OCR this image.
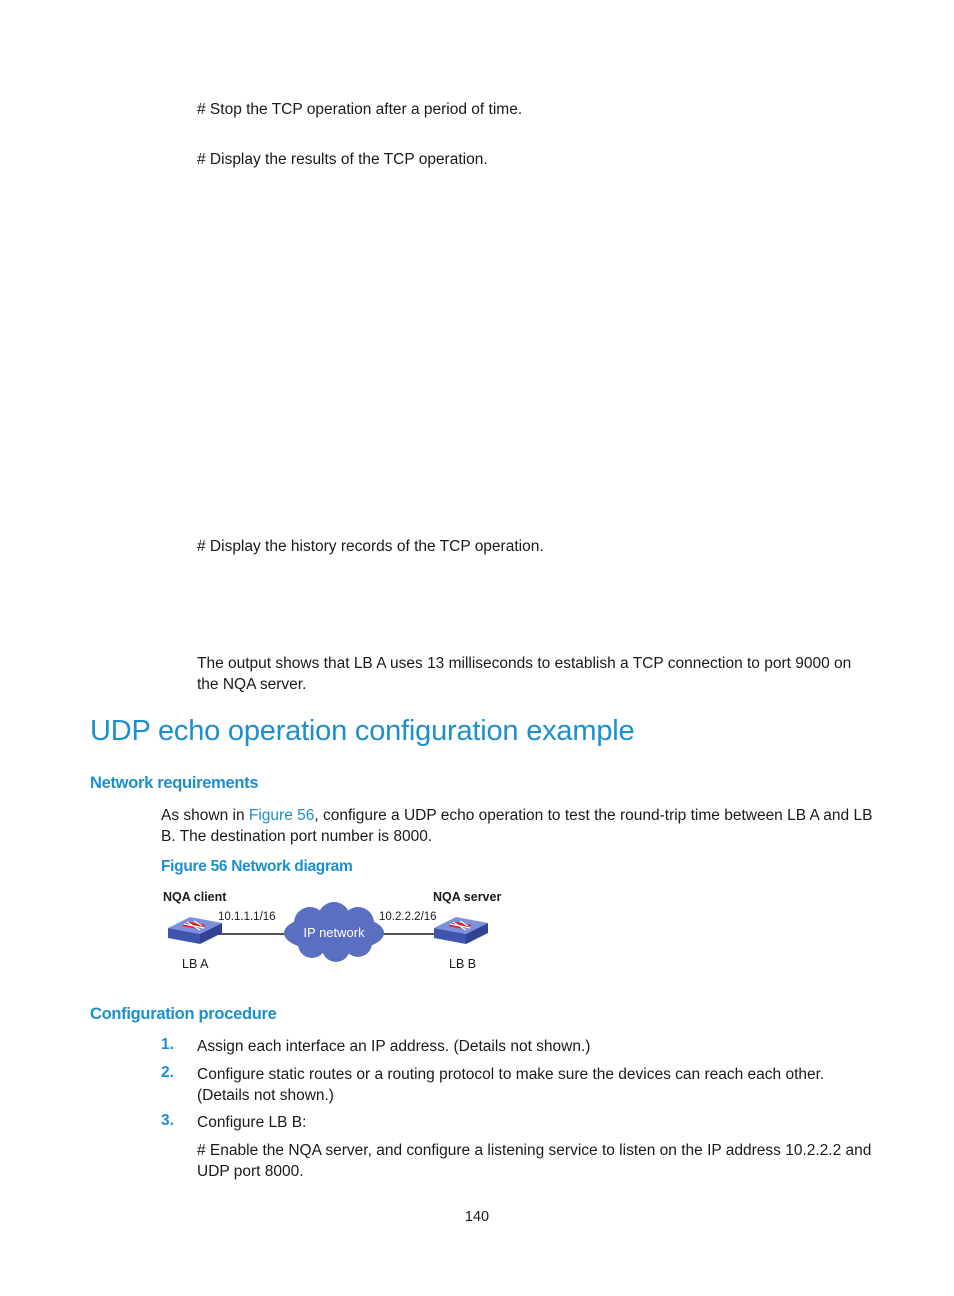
# Stop the TCP operation after a period of time.
# Display the results of the TCP operation.
# Display the history records of the TCP operation.
The output shows that LB A uses 13 milliseconds to establish a TCP connection to port 9000 on the NQA server.
UDP echo operation configuration example
Network requirements
As shown in Figure 56, configure a UDP echo operation to test the round-trip time between LB A and LB B. The destination port number is 8000.
Figure 56 Network diagram
NQA client	NQA server
10.1.1.1/16	10.2.2.2/16
IP network
LB A	LB B
Configuration procedure
1. Assign each interface an IP address. (Details not shown.)
2. Configure static routes or a routing protocol to make sure the devices can reach each other. (Details not shown.)
3. Configure LB B:
# Enable the NQA server, and configure a listening service to listen on the IP address 10.2.2.2 and UDP port 8000.
140
